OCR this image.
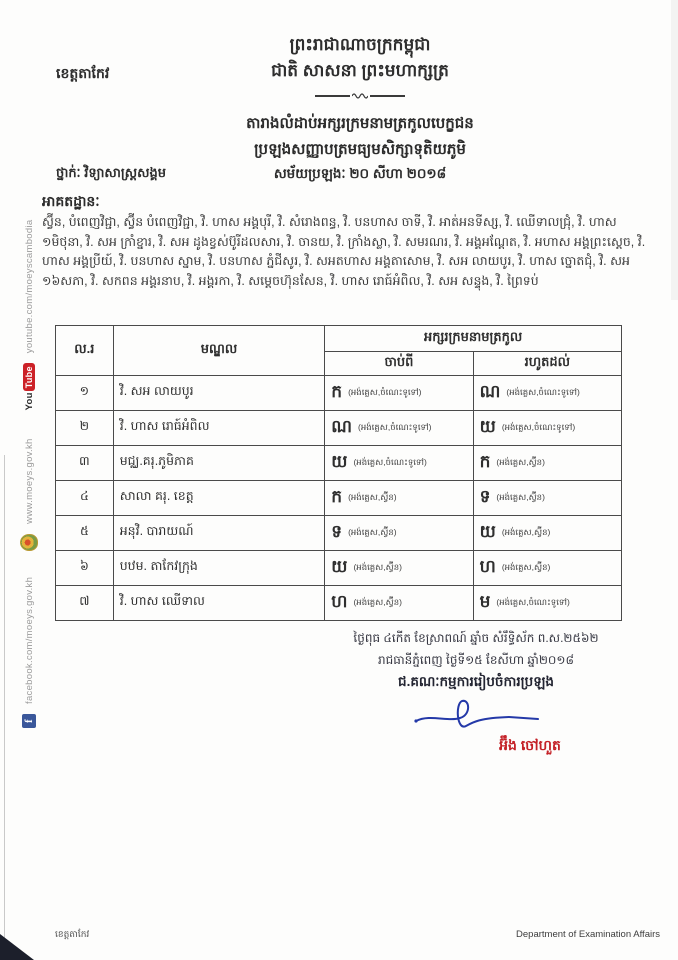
ព្រះរាជាណាចក្រកម្ពុជា
ជាតិ សាសនា ព្រះមហាក្សត្រ
ខេត្តតាកែវ
តារាងលំដាប់អក្សរក្រមនាមត្រកូលបេក្ខជន
ប្រឡងសញ្ញាបត្រមធ្យមសិក្សាទុតិយភូមិ
ថ្នាក់ៈ វិទ្យាសាស្ត្រសង្គម	សម័យប្រឡងៈ ២០ សីហា ២០១៨
អាគតដ្ឋានៈ
ស្វ៊ីន, បំពេញវិជ្ជា, ស្វ៊ីន បំពេញវិជ្ជា, វិ. ហាស អង្គបុរី, វិ. សំរោងពន្ធ, វិ. បនហាស ចាទី, វិ. អាត់អនទីស្ស, វិ. ឈើទាលជ្រុំ, វិ. ហាស ១មិថុនា, វិ. សអ ក្រាំខ្នារ, វិ. សអ ដូងខ្វស់ប៊ូរីដលសារ, វិ. ចានយ, វិ. ក្រាំងស្លា, វិ. សមរណរ, វិ. អង្គអណ្តែត, វិ. អហាស អង្គព្រះស្តេច, វិ. ហាស អង្គប្រីយ៍, វិ. បនហាស ស្នាម, វិ. បនហាស ភ្នំជីសូរ, វិ. សអតហាស អង្គតាសោម, វិ. សអ លាយបូរ, វិ. ហាស ច្នោតជុំ, វិ. សអ ១៦សភា, វិ. សកពន អង្គរនាប, វិ. អង្គរកា, វិ. សម្តេចហ៊ុនសែន, វិ. ហាស រោធ៍អំពិល, វិ. សអ សន្ទុង, វិ. ព្រៃទប់
ល.រ	មណ្ឌល	អក្សរក្រមនាមត្រកូល	
		ចាប់ពី	រហូតដល់
១	វិ. សអ លាយបូរ	ក (អង់គ្លេស,ចំណេះទូទៅ)	ណ (អង់គ្លេស,ចំណេះទូទៅ)
២	វិ. ហាស រោធ៍អំពិល	ណ (អង់គ្លេស,ចំណេះទូទៅ)	យ (អង់គ្លេស,ចំណេះទូទៅ)
៣	មជ្ឈ.គរុ.ភូមិភាគ	យ (អង់គ្លេស,ចំណេះទូទៅ)	ក (អង់គ្លេស,ស្វ៊ីន)
៤	សាលា គរុ. ខេត្ត	ក (អង់គ្លេស,ស្វ៊ីន)	ទ (អង់គ្លេស,ស្វ៊ីន)
៥	អនុវិ. បារាយណ៍	ទ (អង់គ្លេស,ស្វ៊ីន)	យ (អង់គ្លេស,ស្វ៊ីន)
៦	បឋម. តាកែវក្រុង	យ (អង់គ្លេស,ស្វ៊ីន)	ហ (អង់គ្លេស,ស្វ៊ីន)
៧	វិ. ហាស ឈើទាល	ហ (អង់គ្លេស,ស្វ៊ីន)	ម (អង់គ្លេស,ចំណេះទូទៅ)
ថ្ងៃពុធ ៤កើត ខែស្រាពណ៍ ឆ្នាំច សំរឹទ្ធិស័ក ព.ស.២៥៦២
រាជធានីភ្នំពេញ ថ្ងៃទី១៥ ខែសីហា ឆ្នាំ២០១៨
ជ.គណៈកម្មការរៀបចំការប្រឡង
អ៊ឹង ចៅហួត
ខេត្តតាកែវ	Department of Examination Affairs
f
facebook.com/moeys.gov.kh
www.moeys.gov.kh
You
Tube
youtube.com/moeyscambodia
